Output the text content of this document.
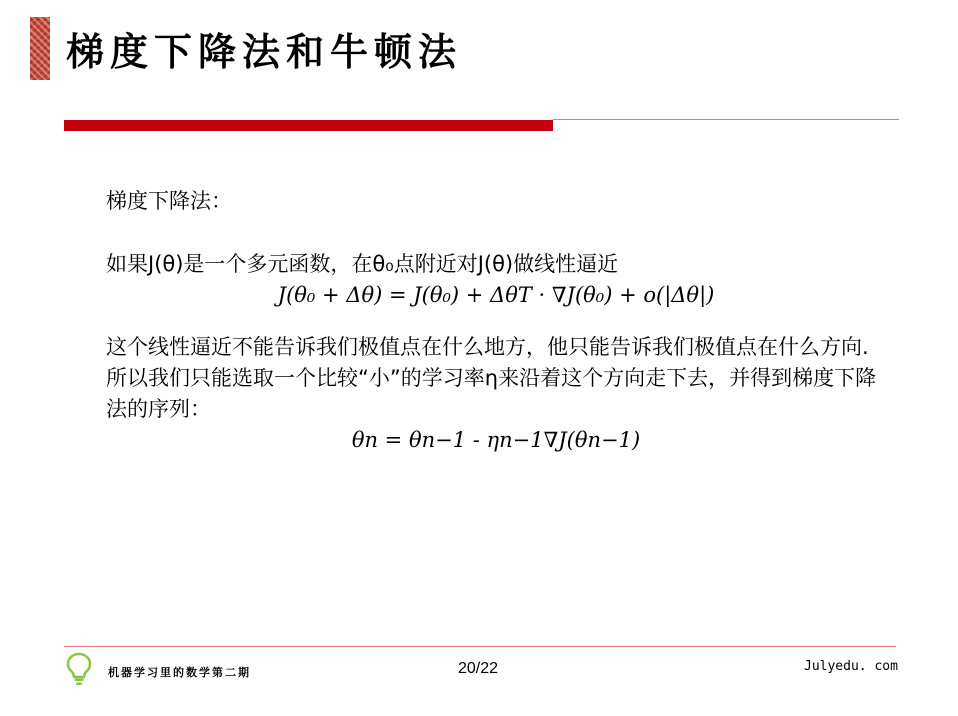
梯度下降法和牛顿法

梯度下降法：

如果J(θ)是一个多元函数，在θ₀点附近对J(θ)做线性逼近

J(θ₀ + Δθ) = J(θ₀) + ΔθT · ∇J(θ₀) + o(|Δθ|)

这个线性逼近不能告诉我们极值点在什么地方，他只能告诉我们极值点在什么方向. 所以我们只能选取一个比较“小”的学习率η来沿着这个方向走下去，并得到梯度下降法的序列：

θn = θn−1 - ηn−1∇J(θn−1)
机器学习里的数学第二期	20/22	Julyedu. com
